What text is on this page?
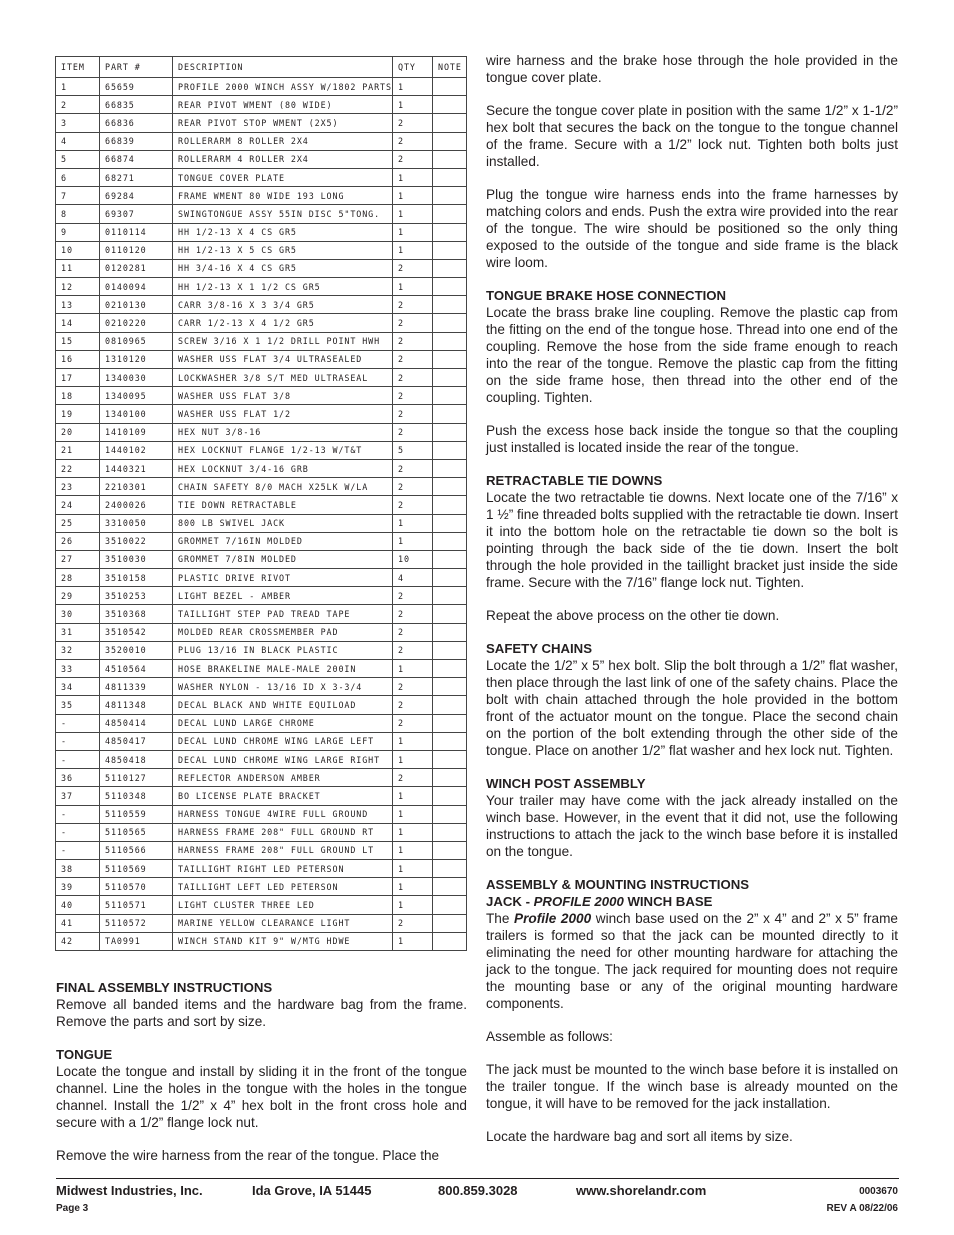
ITEM	PART #	DESCRIPTION	QTY	NOTE
1	65659	PROFILE 2000 WINCH ASSY W/1802 PARTS	1	
2	66835	REAR PIVOT WMENT (80 WIDE)	1	
3	66836	REAR PIVOT STOP WMENT (2X5)	2	
4	66839	ROLLERARM 8 ROLLER 2X4	2	
5	66874	ROLLERARM 4 ROLLER 2X4	2	
6	68271	TONGUE COVER PLATE	1	
7	69284	FRAME WMENT 80 WIDE 193 LONG	1	
8	69307	SWINGTONGUE ASSY 55IN DISC 5"TONG.	1	
9	0110114	HH 1/2-13 X 4 CS GR5	1	
10	0110120	HH 1/2-13 X 5 CS GR5	1	
11	0120281	HH 3/4-16 X 4 CS GR5	2	
12	0140094	HH 1/2-13 X 1 1/2 CS GR5	1	
13	0210130	CARR 3/8-16 X 3 3/4 GR5	2	
14	0210220	CARR 1/2-13 X 4 1/2 GR5	2	
15	0810965	SCREW 3/16 X 1 1/2 DRILL POINT HWH	2	
16	1310120	WASHER USS FLAT 3/4 ULTRASEALED	2	
17	1340030	LOCKWASHER 3/8 S/T MED ULTRASEAL	2	
18	1340095	WASHER USS FLAT 3/8	2	
19	1340100	WASHER USS FLAT 1/2	2	
20	1410109	HEX NUT 3/8-16	2	
21	1440102	HEX LOCKNUT FLANGE 1/2-13 W/T&T	5	
22	1440321	HEX LOCKNUT 3/4-16 GRB	2	
23	2210301	CHAIN SAFETY 8/0 MACH X25LK W/LA	2	
24	2400026	TIE DOWN RETRACTABLE	2	
25	3310050	800 LB SWIVEL JACK	1	
26	3510022	GROMMET 7/16IN MOLDED	1	
27	3510030	GROMMET 7/8IN MOLDED	10	
28	3510158	PLASTIC DRIVE RIVOT	4	
29	3510253	LIGHT BEZEL - AMBER	2	
30	3510368	TAILLIGHT STEP PAD TREAD TAPE	2	
31	3510542	MOLDED REAR CROSSMEMBER PAD	2	
32	3520010	PLUG 13/16 IN BLACK PLASTIC	2	
33	4510564	HOSE BRAKELINE MALE-MALE 200IN	1	
34	4811339	WASHER NYLON - 13/16 ID X 3-3/4	2	
35	4811348	DECAL BLACK AND WHITE EQUILOAD	2	
-	4850414	DECAL LUND LARGE CHROME	2	
-	4850417	DECAL LUND CHROME WING LARGE LEFT	1	
-	4850418	DECAL LUND CHROME WING LARGE RIGHT	1	
36	5110127	REFLECTOR ANDERSON AMBER	2	
37	5110348	BO LICENSE PLATE BRACKET	1	
-	5110559	HARNESS TONGUE 4WIRE FULL GROUND	1	
-	5110565	HARNESS FRAME 208" FULL GROUND RT	1	
-	5110566	HARNESS FRAME 208" FULL GROUND LT	1	
38	5110569	TAILLIGHT RIGHT LED PETERSON	1	
39	5110570	TAILLIGHT LEFT LED PETERSON	1	
40	5110571	LIGHT CLUSTER THREE LED	1	
41	5110572	MARINE YELLOW CLEARANCE LIGHT	2	
42	TA0991	WINCH STAND KIT 9" W/MTG HDWE	1	
FINAL ASSEMBLY INSTRUCTIONS

Remove all banded items and the hardware bag from the frame. Remove the parts and sort by size.

TONGUE

Locate the tongue and install by sliding it in the front of the tongue channel. Line the holes in the tongue with the holes in the tongue channel. Install the 1/2” x 4” hex bolt in the front cross hole and secure with a 1/2” flange lock nut.

Remove the wire harness from the rear of the tongue. Place the

wire harness and the brake hose through the hole provided in the tongue cover plate.

Secure the tongue cover plate in position with the same 1/2” x 1-1/2” hex bolt that secures the back on the tongue to the tongue channel of the frame. Secure with a 1/2” lock nut. Tighten both bolts just installed.

Plug the tongue wire harness ends into the frame harnesses by matching colors and ends. Push the extra wire provided into the rear of the tongue. The wire should be positioned so the only thing exposed to the outside of the tongue and side frame is the black wire loom.

TONGUE BRAKE HOSE CONNECTION

Locate the brass brake line coupling. Remove the plastic cap from the fitting on the end of the tongue hose. Thread into one end of the coupling. Remove the hose from the side frame enough to reach into the rear of the tongue. Remove the plastic cap from the fitting on the side frame hose, then thread into the other end of the coupling. Tighten.

Push the excess hose back inside the tongue so that the coupling just installed is located inside the rear of the tongue.

RETRACTABLE TIE DOWNS

Locate the two retractable tie downs. Next locate one of the 7/16” x 1 ½” fine threaded bolts supplied with the retractable tie down. Insert it into the bottom hole on the retractable tie down so the bolt is pointing through the back side of the tie down. Insert the bolt through the hole provided in the taillight bracket just inside the side frame. Secure with the 7/16” flange lock nut. Tighten.

Repeat the above process on the other tie down.

SAFETY CHAINS

Locate the 1/2” x 5” hex bolt. Slip the bolt through a 1/2” flat washer, then place through the last link of one of the safety chains. Place the bolt with chain attached through the hole provided in the bottom front of the actuator mount on the tongue. Place the second chain on the portion of the bolt extending through the other side of the tongue. Place on another 1/2” flat washer and hex lock nut. Tighten.

WINCH POST ASSEMBLY

Your trailer may have come with the jack already installed on the winch base. However, in the event that it did not, use the following instructions to attach the jack to the winch base before it is installed on the tongue.

ASSEMBLY & MOUNTING INSTRUCTIONS
JACK - PROFILE 2000 WINCH BASE

The Profile 2000 winch base used on the 2” x 4” and 2” x 5” frame trailers is formed so that the jack can be mounted directly to it eliminating the need for other mounting hardware for attaching the jack to the tongue. The jack required for mounting does not require the mounting base or any of the original mounting hardware components.

Assemble as follows:

The jack must be mounted to the winch base before it is installed on the trailer tongue. If the winch base is already mounted on the tongue, it will have to be removed for the jack installation.

Locate the hardware bag and sort all items by size.

Midwest Industries, Inc.	Ida Grove, IA 51445	800.859.3028	www.shorelandr.com	0003670
Page 3	REV A 08/22/06
